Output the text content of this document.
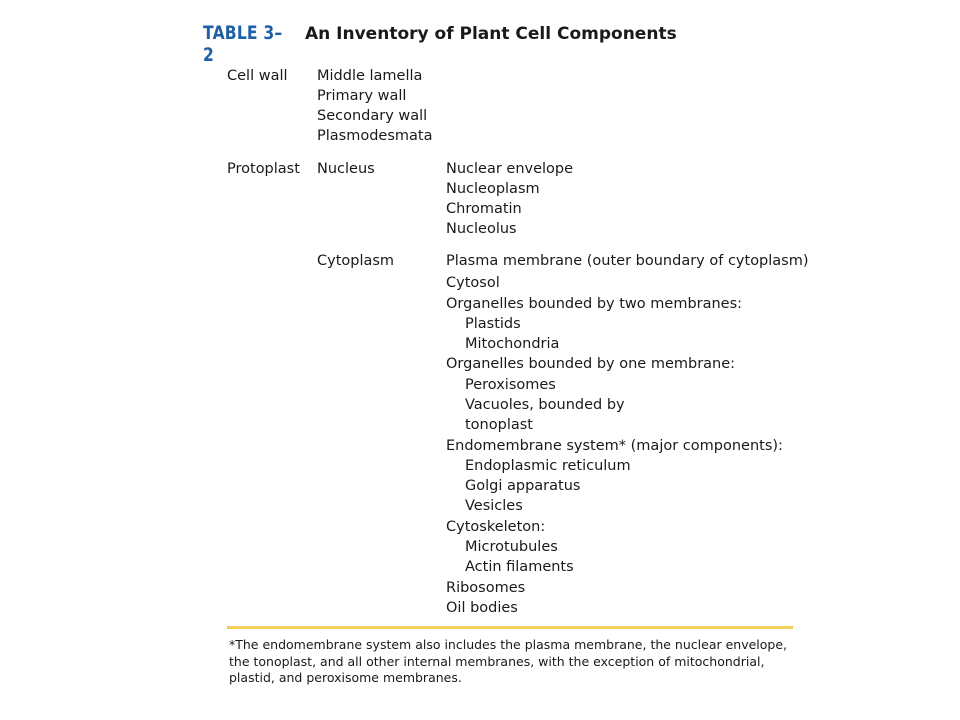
TABLE 3–2
An Inventory of Plant Cell Components
Cell wall Middle lamella
Primary wall
Secondary wall
Plasmodesmata
Protoplast Nucleus	Nuclear envelope
Nucleoplasm
Chromatin
Nucleolus
Cytoplasm	Plasma membrane (outer boundary of cytoplasm)
Cytosol
Organelles bounded by two membranes:
Plastids
Mitochondria
Organelles bounded by one membrane:
Peroxisomes
Vacuoles, bounded by
tonoplast
Endomembrane system* (major components):
Endoplasmic reticulum
Golgi apparatus
Vesicles
Cytoskeleton:
Microtubules
Actin filaments
Ribosomes
Oil bodies
*The endomembrane system also includes the plasma membrane, the nuclear envelope,
the tonoplast, and all other internal membranes, with the exception of mitochondrial,
plastid, and peroxisome membranes.
